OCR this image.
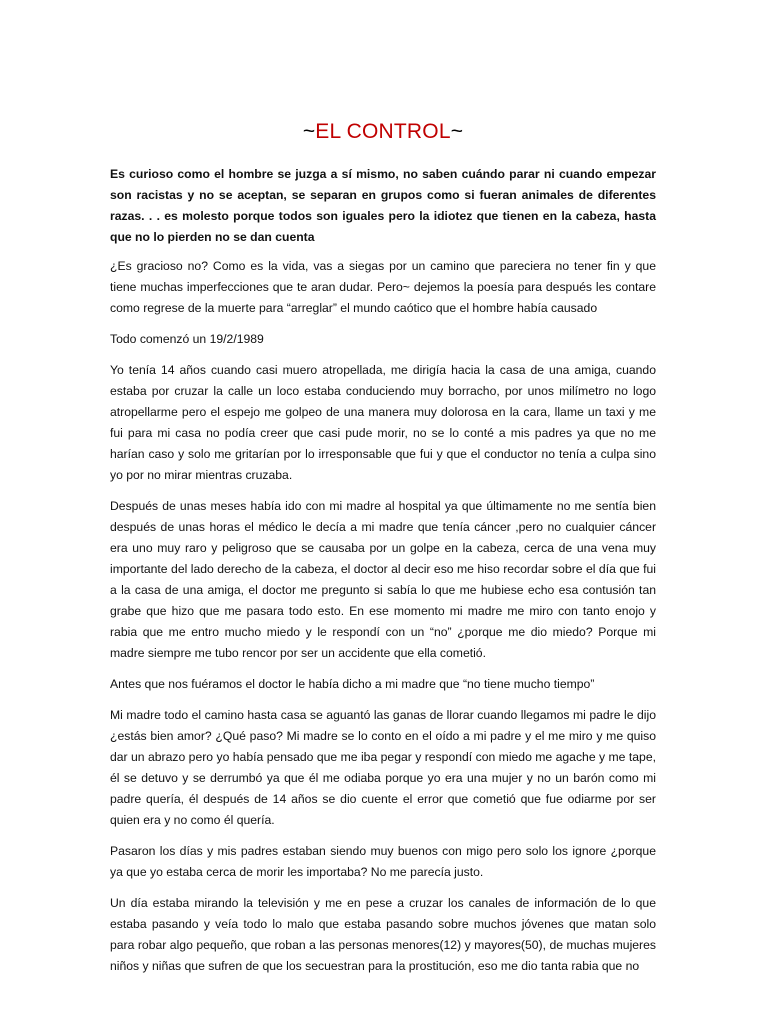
~EL CONTROL~

Es curioso como el hombre se juzga a sí mismo, no saben cuándo parar ni cuando empezar son racistas y no se aceptan, se separan en grupos como si fueran animales de diferentes razas. . . es molesto porque todos son iguales pero la idiotez que tienen en la cabeza, hasta que no lo pierden no se dan cuenta

¿Es gracioso no? Como es la vida, vas a siegas por un camino que pareciera no tener fin y que tiene muchas imperfecciones que te aran dudar. Pero~ dejemos la poesía para después les contare como regrese de la muerte para “arreglar” el mundo caótico que el hombre había causado

Todo comenzó un 19/2/1989

Yo tenía 14 años cuando casi muero atropellada, me dirigía hacia la casa de una amiga, cuando estaba por cruzar la calle un loco estaba conduciendo muy borracho, por unos milímetro no logo atropellarme pero el espejo me golpeo de una manera muy dolorosa en la cara, llame un taxi y me fui para mi casa no podía creer que casi pude morir, no se lo conté a mis padres ya que no me harían caso y solo me gritarían por lo irresponsable que fui y que el conductor no tenía a culpa sino yo por no mirar mientras cruzaba.

Después de unas meses había ido con mi madre al hospital ya que últimamente no me sentía bien después de unas horas el médico le decía a mi madre que tenía cáncer ,pero no cualquier cáncer era uno muy raro y peligroso que se causaba por un golpe en la cabeza, cerca de una vena muy importante del lado derecho de la cabeza, el doctor al decir eso me hiso recordar sobre el día que fui a la casa de una amiga, el doctor me pregunto si sabía lo que me hubiese echo esa contusión tan grabe que hizo que me pasara todo esto. En ese momento mi madre me miro con tanto enojo y rabia que me entro mucho miedo y le respondí con un “no” ¿porque me dio miedo? Porque mi madre siempre me tubo rencor por ser un accidente que ella cometió.

Antes que nos fuéramos el doctor le había dicho a mi madre que “no tiene mucho tiempo”

Mi madre todo el camino hasta casa se aguantó las ganas de llorar cuando llegamos mi padre le dijo ¿estás bien amor? ¿Qué paso? Mi madre se lo conto en el oído a mi padre y el me miro y me quiso dar un abrazo pero yo había pensado que me iba pegar y respondí con miedo me agache y me tape, él se detuvo y se derrumbó ya que él me odiaba porque yo era una mujer y no un barón como mi padre quería, él después de 14 años se dio cuente el error que cometió que fue odiarme por ser quien era y no como él quería.

Pasaron los días y mis padres estaban siendo muy buenos con migo pero solo los ignore ¿porque ya que yo estaba cerca de morir les importaba? No me parecía justo.

Un día estaba mirando la televisión y me en pese a cruzar los canales de información de lo que estaba pasando y veía todo lo malo que estaba pasando sobre muchos jóvenes que matan solo para robar algo pequeño, que roban a las personas menores(12) y mayores(50), de muchas mujeres niños y niñas que sufren de que los secuestran para la prostitución, eso me dio tanta rabia que no
